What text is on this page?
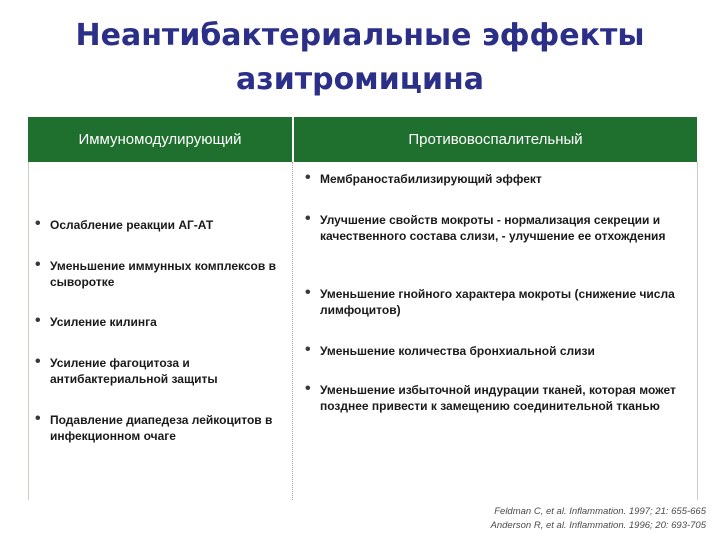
Неантибактериальные эффекты
азитромицина
Иммуномодулирующий	Противовоспалительный
• Ослабление реакции АГ-АТ
• Уменьшение иммунных комплексов в сыворотке
• Усиление килинга
• Усиление фагоцитоза и антибактериальной защиты
• Подавление диапедеза лейкоцитов в инфекционном очаге
• Мембраностабилизирующий эффект
• Улучшение свойств мокроты - нормализация секреции и качественного состава слизи, - улучшение ее отхождения
• Уменьшение гнойного характера мокроты (снижение числа лимфоцитов)
• Уменьшение количества бронхиальной слизи
• Уменьшение избыточной индурации тканей, которая может позднее привести к замещению соединительной тканью
Feldman C, et al. Inflammation. 1997; 21: 655-665
Anderson R, et al. Inflammation. 1996; 20: 693-705
